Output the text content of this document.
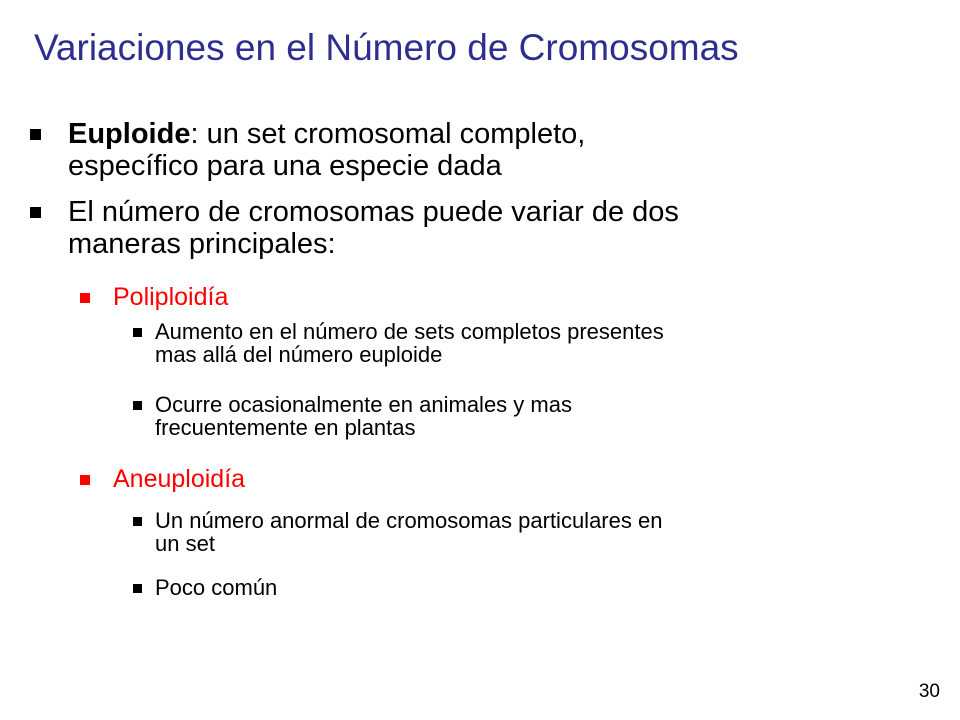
Variaciones en el Número de Cromosomas
Euploide: un set cromosomal completo,
específico para una especie dada
El número de cromosomas puede variar de dos
maneras principales:
Poliploidía
Aumento en el número de sets completos presentes
mas allá del número euploide
Ocurre ocasionalmente en animales y mas
frecuentemente en plantas
Aneuploidía
Un número anormal de cromosomas particulares en
un set
Poco común
30
